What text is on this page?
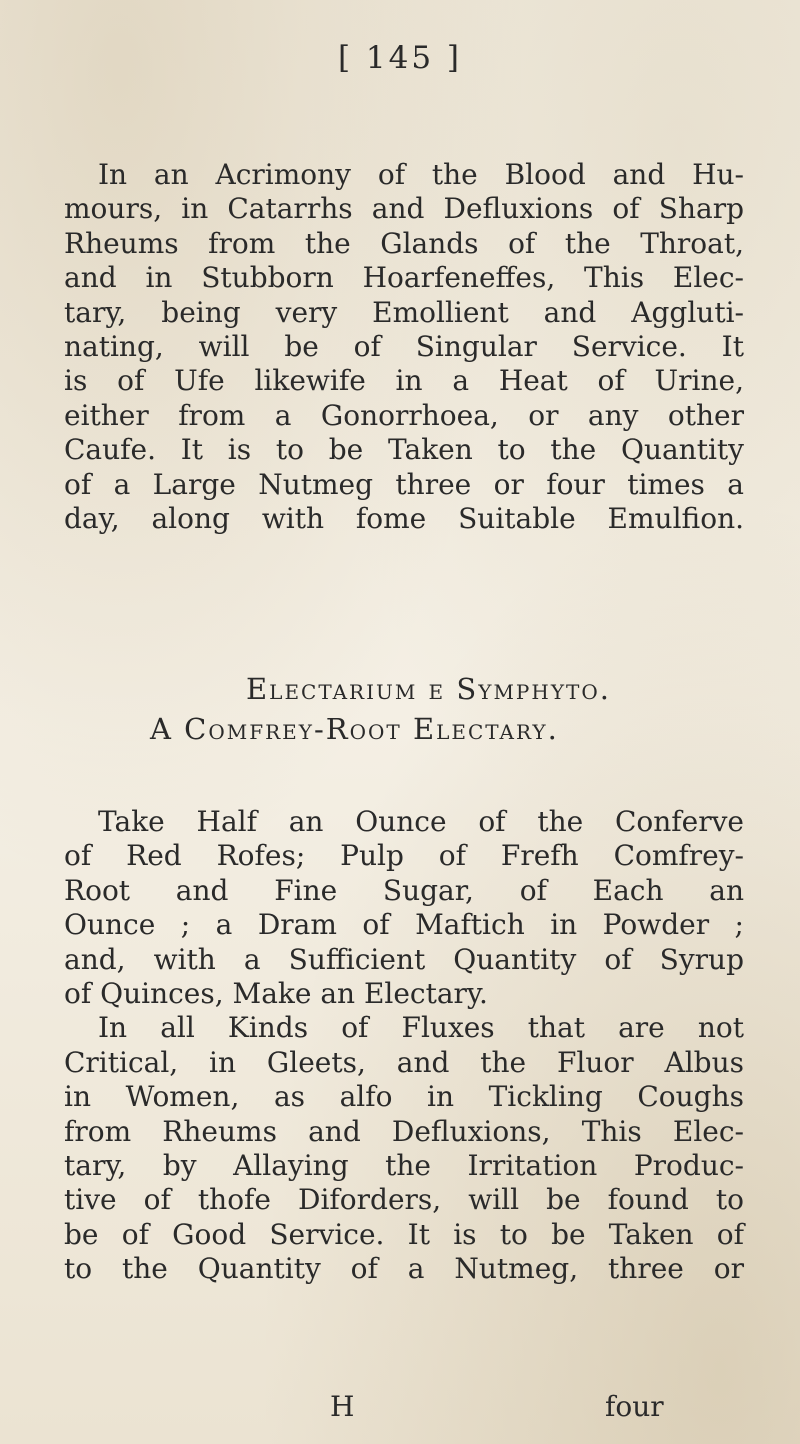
[ 145 ]
In an Acrimony of the Blood and Hu-
mours, in Catarrhs and Defluxions of Sharp
Rheums from the Glands of the Throat,
and in Stubborn Hoarfeneffes, This Elec-
tary, being very Emollient and Aggluti-
nating, will be of Singular Service. It
is of Ufe likewife in a Heat of Urine,
either from a Gonorrhoea, or any other
Caufe. It is to be Taken to the Quantity
of a Large Nutmeg three or four times a
day, along with fome Suitable Emulfion.
Electarium e Symphyto.
A Comfrey-Root Electary.
Take Half an Ounce of the Conferve
of Red Rofes; Pulp of Frefh Comfrey-
Root and Fine Sugar, of Each an
Ounce ; a Dram of Maftich in Powder ;
and, with a Sufficient Quantity of Syrup
of Quinces, Make an Electary.
In all Kinds of Fluxes that are not
Critical, in Gleets, and the Fluor Albus
in Women, as alfo in Tickling Coughs
from Rheums and Defluxions, This Elec-
tary, by Allaying the Irritation Produc-
tive of thofe Diforders, will be found to
be of Good Service. It is to be Taken of
to the Quantity of a Nutmeg, three or
H	four
